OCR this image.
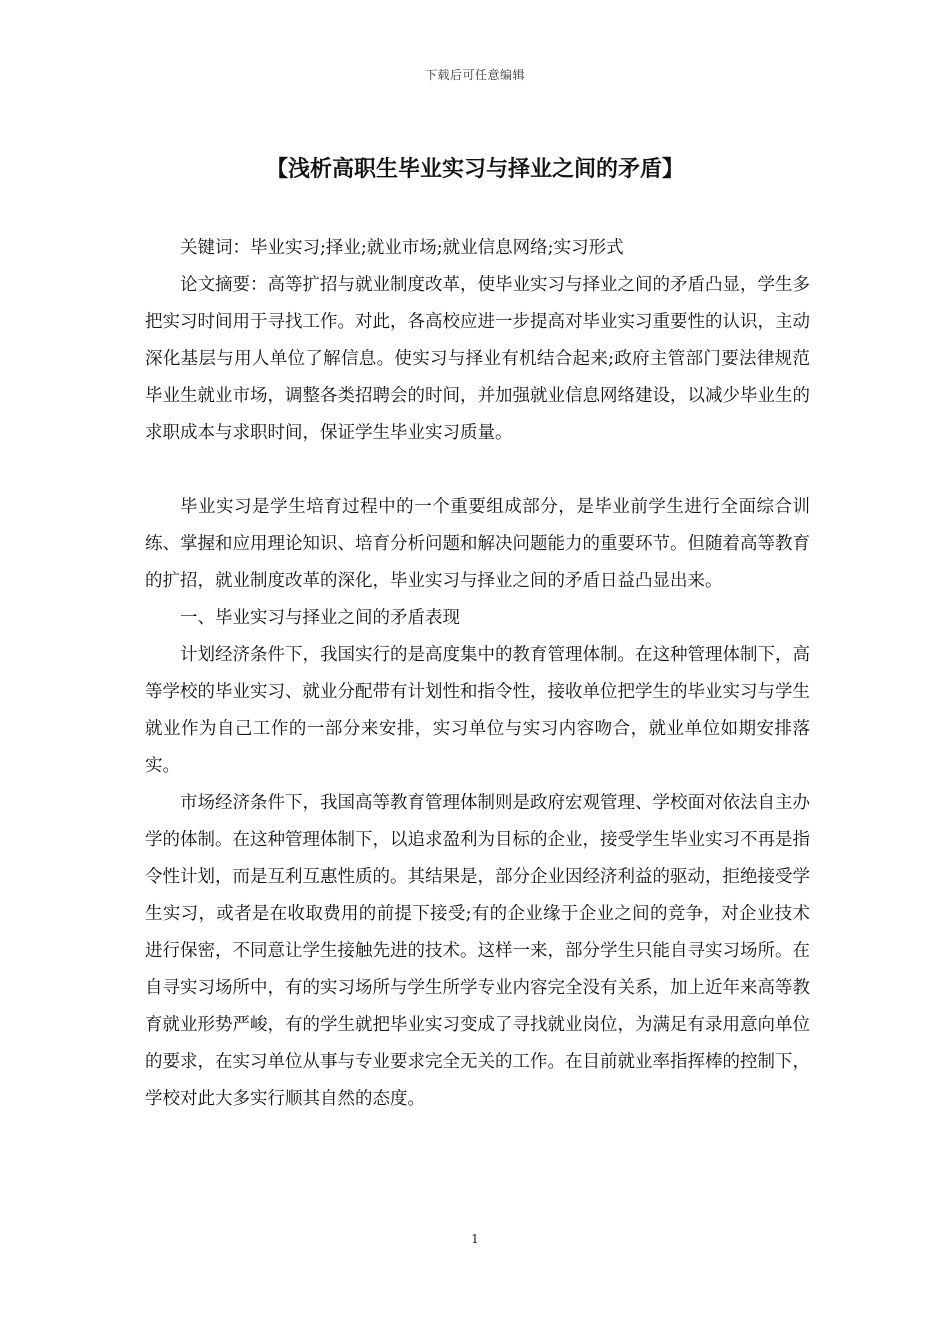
下载后可任意编辑
【浅析高职生毕业实习与择业之间的矛盾】

关键词：毕业实习;择业;就业市场;就业信息网络;实习形式

论文摘要：高等扩招与就业制度改革，使毕业实习与择业之间的矛盾凸显，学生多把实习时间用于寻找工作。对此，各高校应进一步提高对毕业实习重要性的认识，主动深化基层与用人单位了解信息。使实习与择业有机结合起来;政府主管部门要法律规范毕业生就业市场，调整各类招聘会的时间，并加强就业信息网络建设，以减少毕业生的求职成本与求职时间，保证学生毕业实习质量。

毕业实习是学生培育过程中的一个重要组成部分，是毕业前学生进行全面综合训练、掌握和应用理论知识、培育分析问题和解决问题能力的重要环节。但随着高等教育的扩招，就业制度改革的深化，毕业实习与择业之间的矛盾日益凸显出来。

一、毕业实习与择业之间的矛盾表现

计划经济条件下，我国实行的是高度集中的教育管理体制。在这种管理体制下，高等学校的毕业实习、就业分配带有计划性和指令性，接收单位把学生的毕业实习与学生就业作为自己工作的一部分来安排，实习单位与实习内容吻合，就业单位如期安排落实。

市场经济条件下，我国高等教育管理体制则是政府宏观管理、学校面对依法自主办学的体制。在这种管理体制下，以追求盈利为目标的企业，接受学生毕业实习不再是指令性计划，而是互利互惠性质的。其结果是，部分企业因经济利益的驱动，拒绝接受学生实习，或者是在收取费用的前提下接受;有的企业缘于企业之间的竞争，对企业技术进行保密，不同意让学生接触先进的技术。这样一来，部分学生只能自寻实习场所。在自寻实习场所中，有的实习场所与学生所学专业内容完全没有关系，加上近年来高等教育就业形势严峻，有的学生就把毕业实习变成了寻找就业岗位，为满足有录用意向单位的要求，在实习单位从事与专业要求完全无关的工作。在目前就业率指挥棒的控制下，学校对此大多实行顺其自然的态度。

1
